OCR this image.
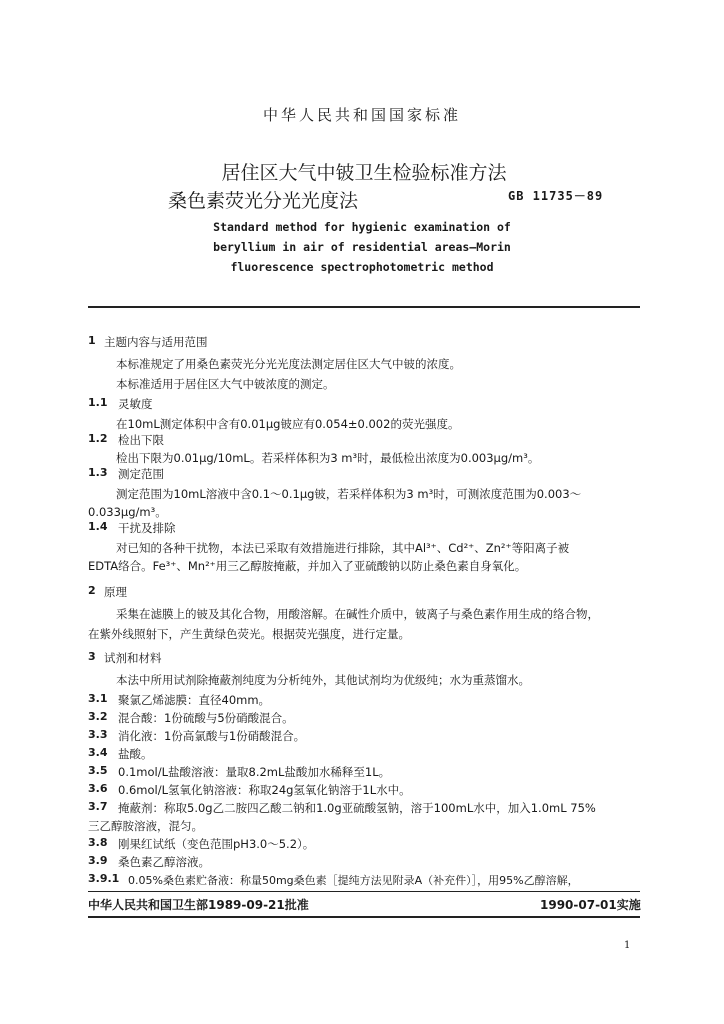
中华人民共和国国家标准
居住区大气中铍卫生检验标准方法
桑色素荧光分光光度法	GB 11735－89
Standard method for hygienic examination of
beryllium in air of residential areas—Morin
fluorescence spectrophotometric method
1 主题内容与适用范围
本标准规定了用桑色素荧光分光光度法测定居住区大气中铍的浓度。
本标准适用于居住区大气中铍浓度的测定。
1.1 灵敏度
在10mL测定体积中含有0.01μg铍应有0.054±0.002的荧光强度。
1.2 检出下限
检出下限为0.01μg/10mL。若采样体积为3 m³时，最低检出浓度为0.003μg/m³。
1.3 测定范围
测定范围为10mL溶液中含0.1～0.1μg铍，若采样体积为3 m³时，可测浓度范围为0.003～
0.033μg/m³。
1.4 干扰及排除
对已知的各种干扰物，本法已采取有效措施进行排除，其中Al³⁺、Cd²⁺、Zn²⁺等阳离子被
EDTA络合。Fe³⁺、Mn²⁺用三乙醇胺掩蔽，并加入了亚硫酸钠以防止桑色素自身氧化。
2 原理
采集在滤膜上的铍及其化合物，用酸溶解。在碱性介质中，铍离子与桑色素作用生成的络合物，
在紫外线照射下，产生黄绿色荧光。根据荧光强度，进行定量。
3 试剂和材料
本法中所用试剂除掩蔽剂纯度为分析纯外，其他试剂均为优级纯；水为重蒸馏水。
3.1 聚氯乙烯滤膜：直径40mm。
3.2 混合酸：1份硫酸与5份硝酸混合。
3.3 消化液：1份高氯酸与1份硝酸混合。
3.4 盐酸。
3.5 0.1mol/L盐酸溶液：量取8.2mL盐酸加水稀释至1L。
3.6 0.6mol/L氢氧化钠溶液：称取24g氢氧化钠溶于1L水中。
3.7 掩蔽剂：称取5.0g乙二胺四乙酸二钠和1.0g亚硫酸氢钠，溶于100mL水中，加入1.0mL 75%
三乙醇胺溶液，混匀。
3.8 刚果红试纸（变色范围pH3.0～5.2）。
3.9 桑色素乙醇溶液。
3.9.1 0.05%桑色素贮备液：称量50mg桑色素［提纯方法见附录A（补充件）］，用95%乙醇溶解，
中华人民共和国卫生部1989-09-21批准	1990-07-01实施
1
